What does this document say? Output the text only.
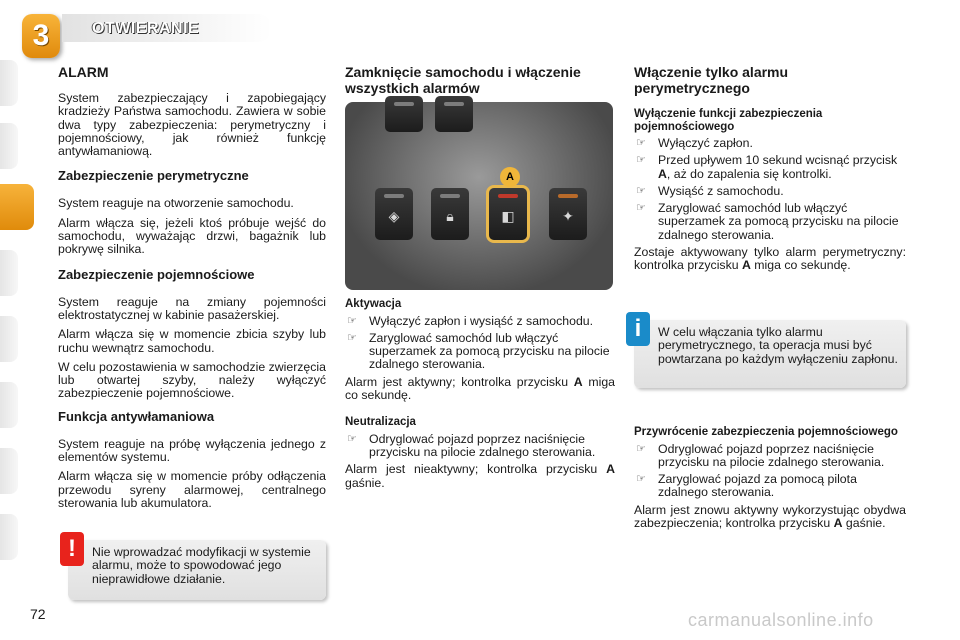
3	OTWIERANIE
ALARM

System zabezpieczający i zapobiegający kradzieży Państwa samochodu. Zawiera w sobie dwa typy zabezpieczenia: perymetryczny i pojemnościowy, jak również funkcję antywłamaniową.

Zabezpieczenie perymetryczne

System reaguje na otworzenie samochodu.

Alarm włącza się, jeżeli ktoś próbuje wejść do samochodu, wyważając drzwi, bagażnik lub pokrywę silnika.

Zabezpieczenie pojemnościowe

System reaguje na zmiany pojemności elektrostatycznej w kabinie pasażerskiej.

Alarm włącza się w momencie zbicia szyby lub ruchu wewnątrz samochodu.

W celu pozostawienia w samochodzie zwierzęcia lub otwartej szyby, należy wyłączyć zabezpieczenie pojemnościowe.

Funkcja antywłamaniowa

System reaguje na próbę wyłączenia jednego z elementów systemu.

Alarm włącza się w momencie próby odłączenia przewodu syreny alarmowej, centralnego sterowania lub akumulatora.

!	Nie wprowadzać modyfikacji w systemie alarmu, może to spowodować jego nieprawidłowe działanie.
Zamknięcie samochodu i włączenie wszystkich alarmów
◈	🔒︎	◧	✦
A
Aktywacja
☞ Wyłączyć zapłon i wysiąść z samochodu.
☞ Zaryglować samochód lub włączyć superzamek za pomocą przycisku na pilocie zdalnego sterowania.

Alarm jest aktywny; kontrolka przycisku A miga co sekundę.

Neutralizacja
☞ Odryglować pojazd poprzez naciśnięcie przycisku na pilocie zdalnego sterowania.

Alarm jest nieaktywny; kontrolka przycisku A gaśnie.

Włączenie tylko alarmu perymetrycznego
Wyłączenie funkcji zabezpieczenia pojemnościowego
☞ Wyłączyć zapłon.
☞ Przed upływem 10 sekund wcisnąć przycisk A, aż do zapalenia się kontrolki.
☞ Wysiąść z samochodu.
☞ Zaryglować samochód lub włączyć superzamek za pomocą przycisku na pilocie zdalnego sterowania.

Zostaje aktywowany tylko alarm perymetryczny: kontrolka przycisku A miga co sekundę.

i	W celu włączania tylko alarmu perymetrycznego, ta operacja musi być powtarzana po każdym wyłączeniu zapłonu.
Przywrócenie zabezpieczenia pojemnościowego
☞ Odryglować pojazd poprzez naciśnięcie przycisku na pilocie zdalnego sterowania.
☞ Zaryglować pojazd za pomocą pilota zdalnego sterowania.

Alarm jest znowu aktywny wykorzystując obydwa zabezpieczenia; kontrolka przycisku A gaśnie.

72	carmanualsonline.info
